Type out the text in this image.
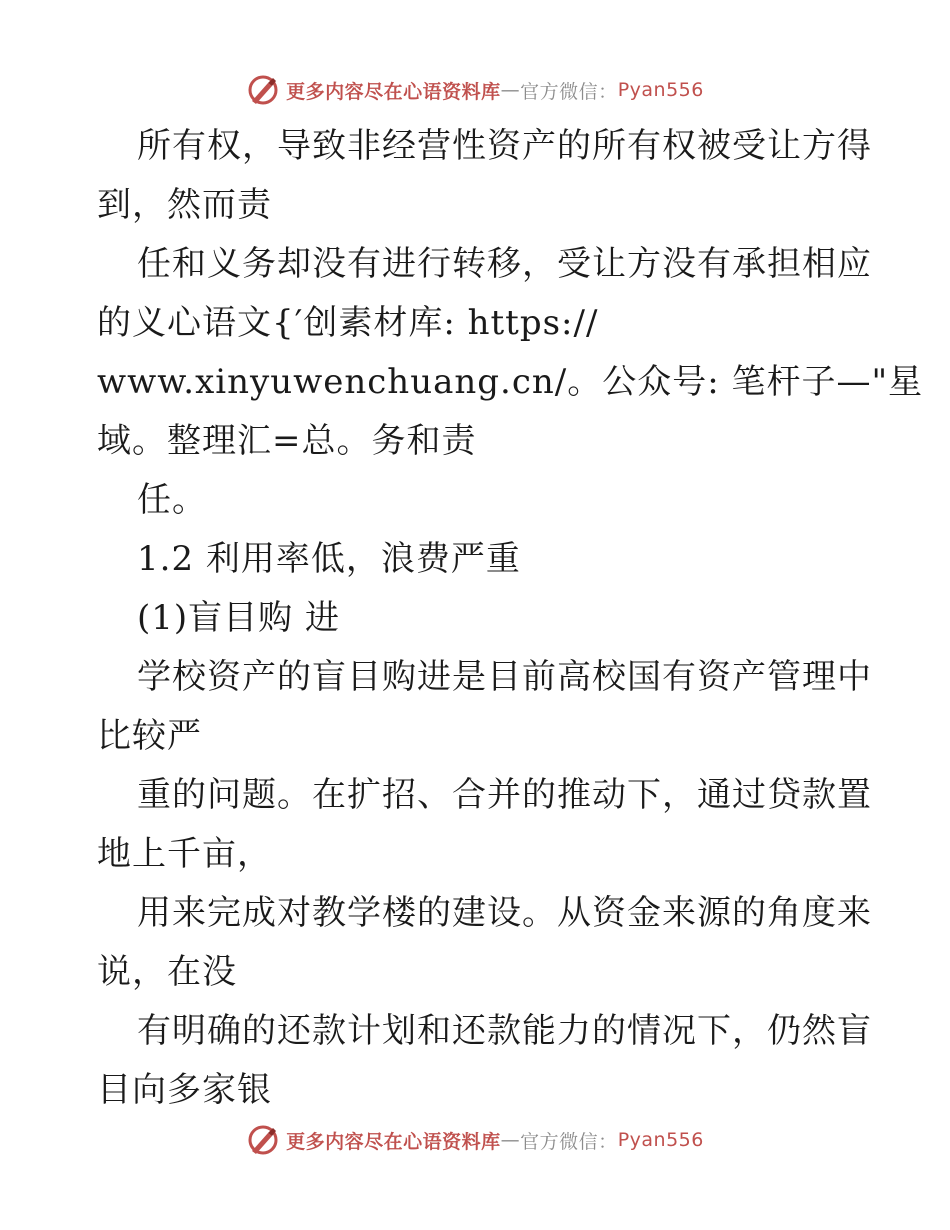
更多内容尽在心语资料库 — 官方微信： Pyan556
所有权，导致非经营性资产的所有权被受让方得
到，然而责
任和义务却没有进行转移，受让方没有承担相应
的义心语文{′创素材库: https://
www.xinyuwenchuang.cn/。公众号: 笔杆子—"星
域。整理汇=总。务和责
任。
1.2 利用率低，浪费严重
(1)盲目购 进
学校资产的盲目购进是目前高校国有资产管理中
比较严
重的问题。在扩招、合并的推动下，通过贷款置
地上千亩，
用来完成对教学楼的建设。从资金来源的角度来
说，在没
有明确的还款计划和还款能力的情况下，仍然盲
目向多家银
更多内容尽在心语资料库 — 官方微信： Pyan556
